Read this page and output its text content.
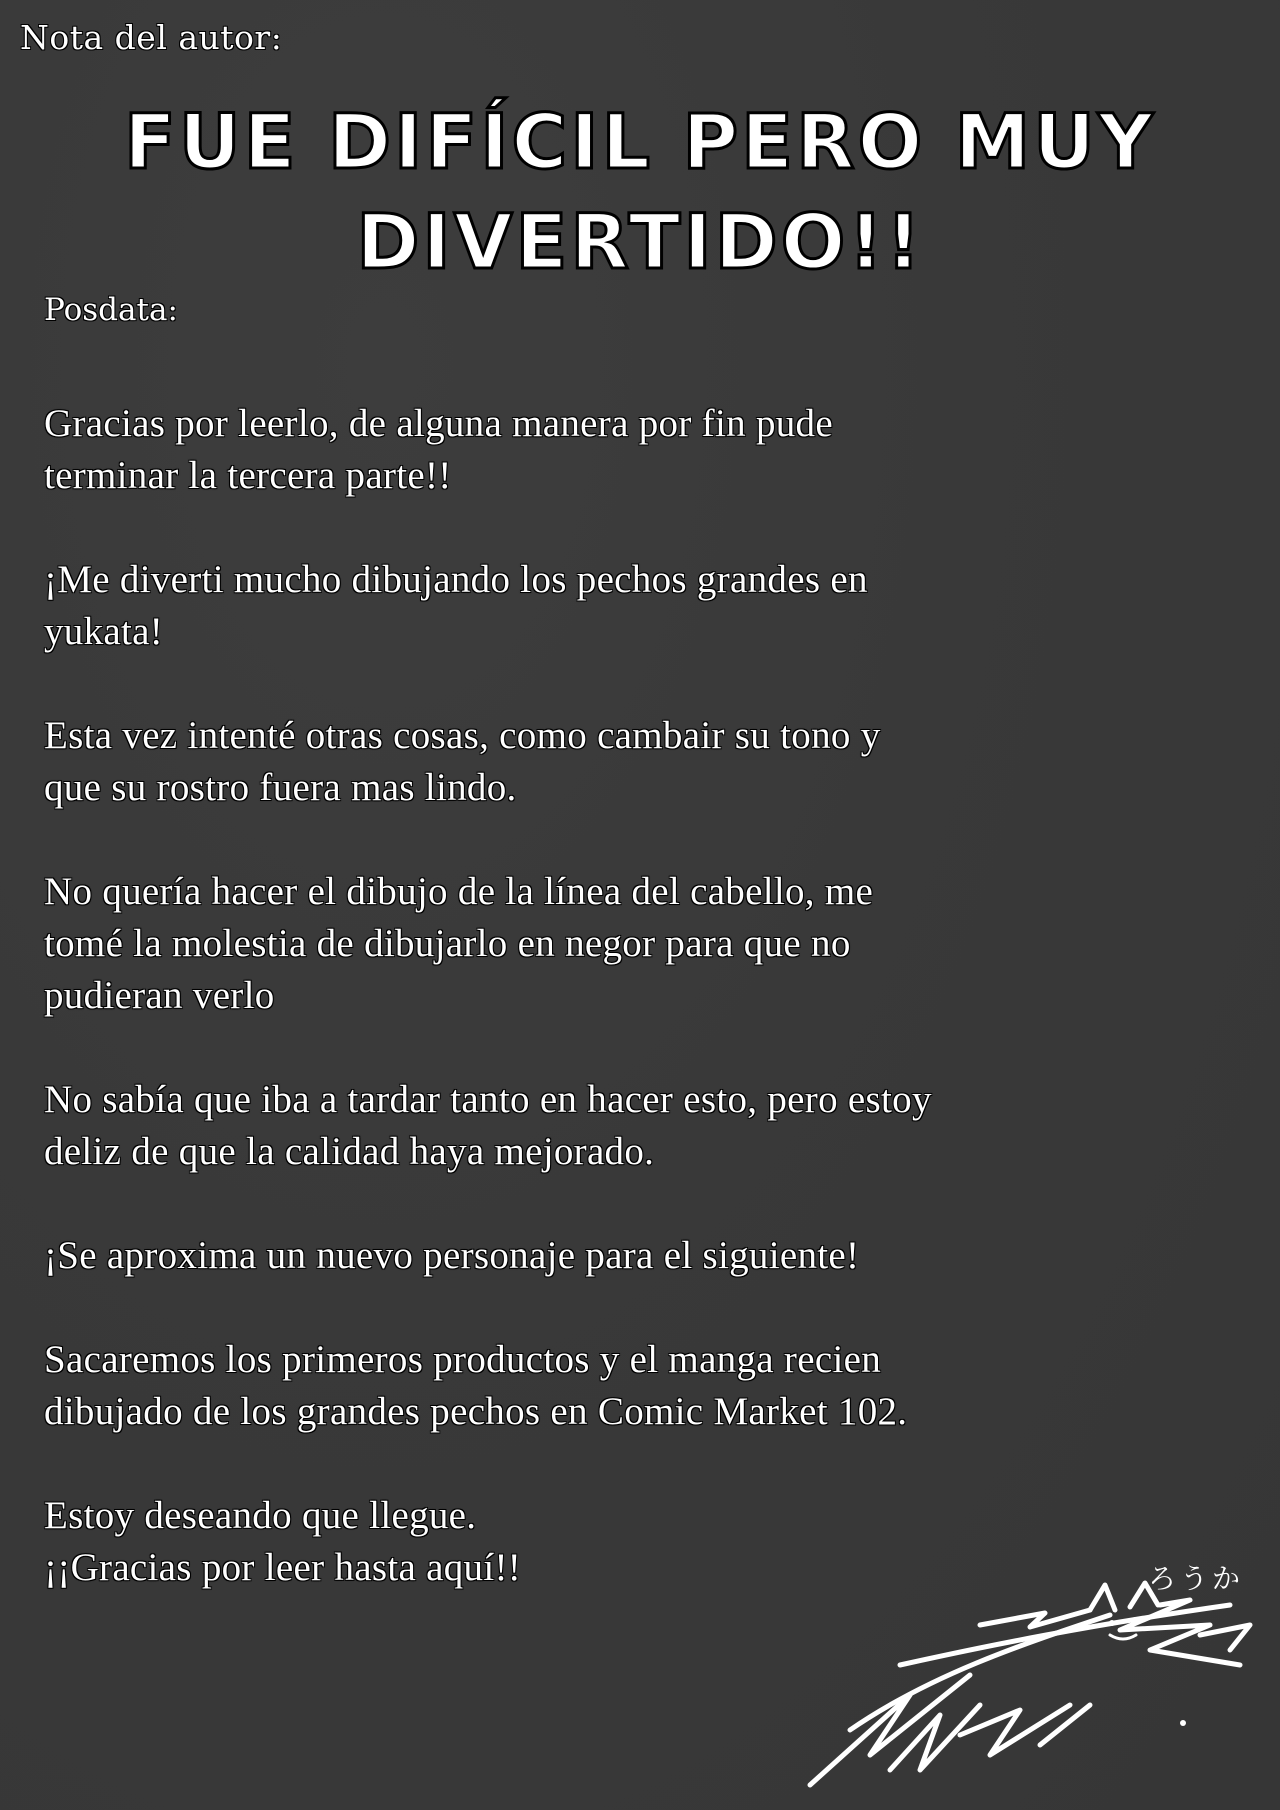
Nota del autor:
FUE DIFÍCIL PERO MUY
DIVERTIDO!!
Posdata:

Gracias por leerlo, de alguna manera por fin pude
terminar la tercera parte!!

¡Me diverti mucho dibujando los pechos grandes en
yukata!

Esta vez intenté otras cosas, como cambair su tono y
que su rostro fuera mas lindo.

No quería hacer el dibujo de la línea del cabello, me
tomé la molestia de dibujarlo en negor para que no
pudieran verlo

No sabía que iba a tardar tanto en hacer esto, pero estoy
deliz de que la calidad haya mejorado.

¡Se aproxima un nuevo personaje para el siguiente!

Sacaremos los primeros productos y el manga recien
dibujado de los grandes pechos en Comic Market 102.

Estoy deseando que llegue.
¡¡Gracias por leer hasta aquí!!	ろうか
